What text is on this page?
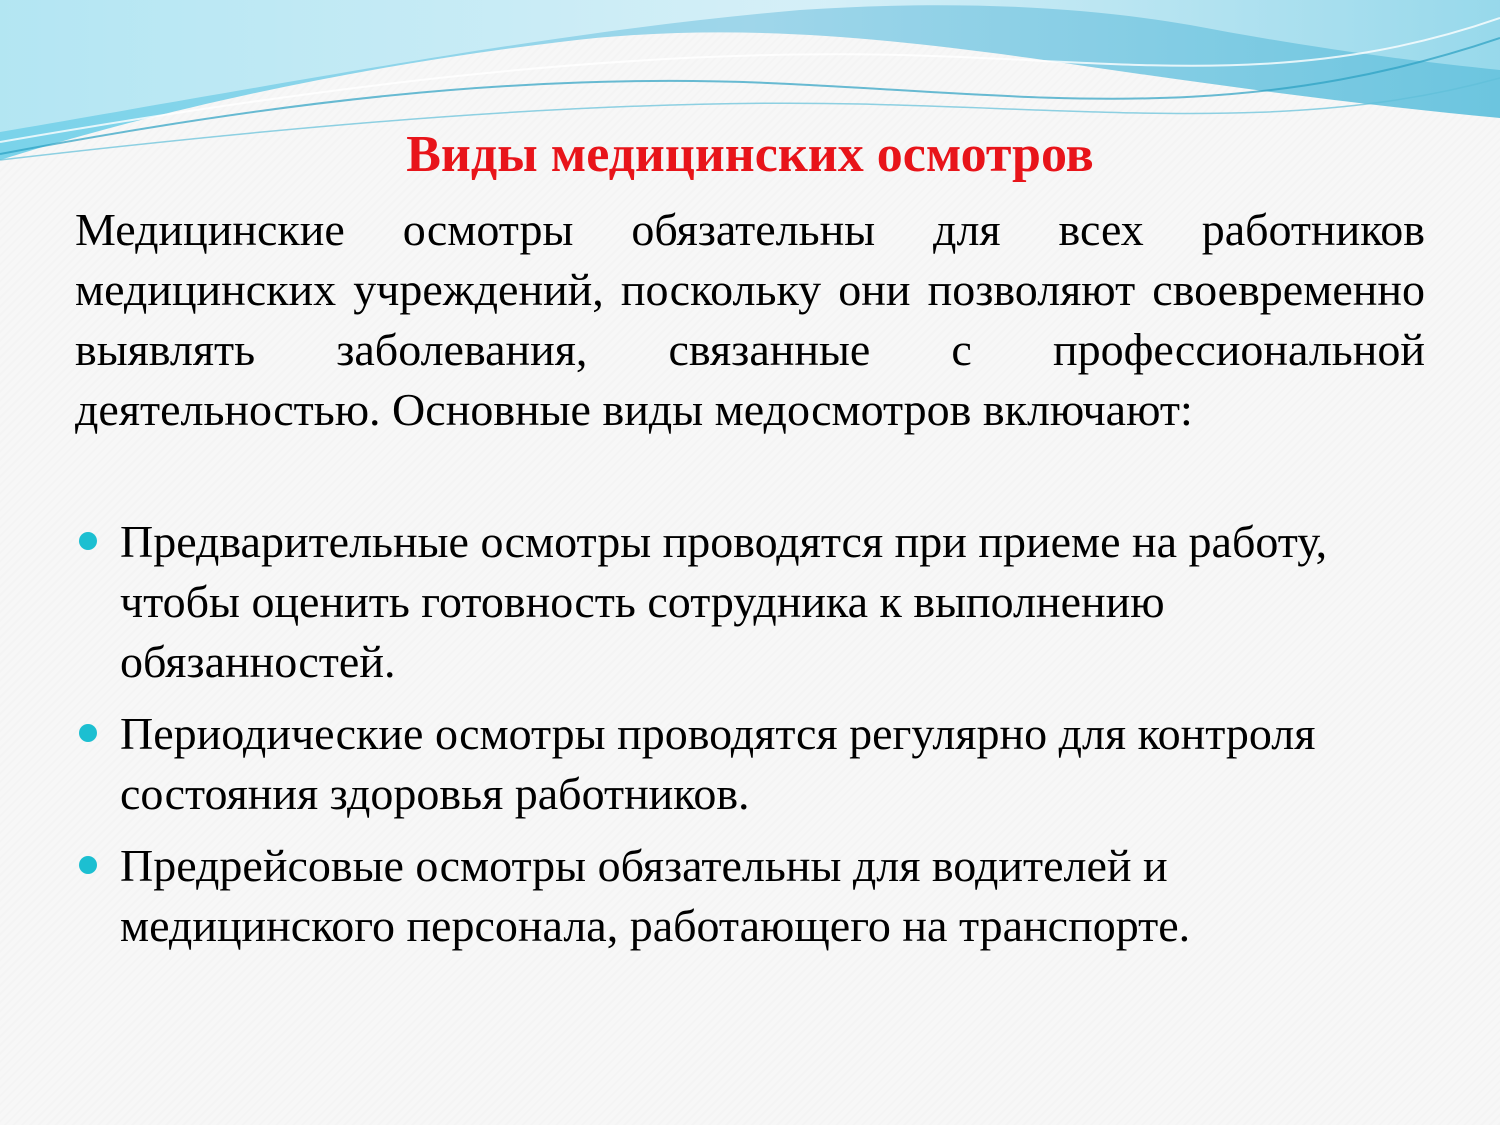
Виды медицинских осмотров

Медицинские осмотры обязательны для всех работников медицинских учреждений, поскольку они позволяют своевременно выявлять заболевания, связанные с профессиональной деятельностью. Основные виды медосмотров включают:

Предварительные осмотры проводятся при приеме на работу, чтобы оценить готовность сотрудника к выполнению обязанностей.
Периодические осмотры проводятся регулярно для контроля состояния здоровья работников.
Предрейсовые осмотры обязательны для водителей и медицинского персонала, работающего на транспорте.
